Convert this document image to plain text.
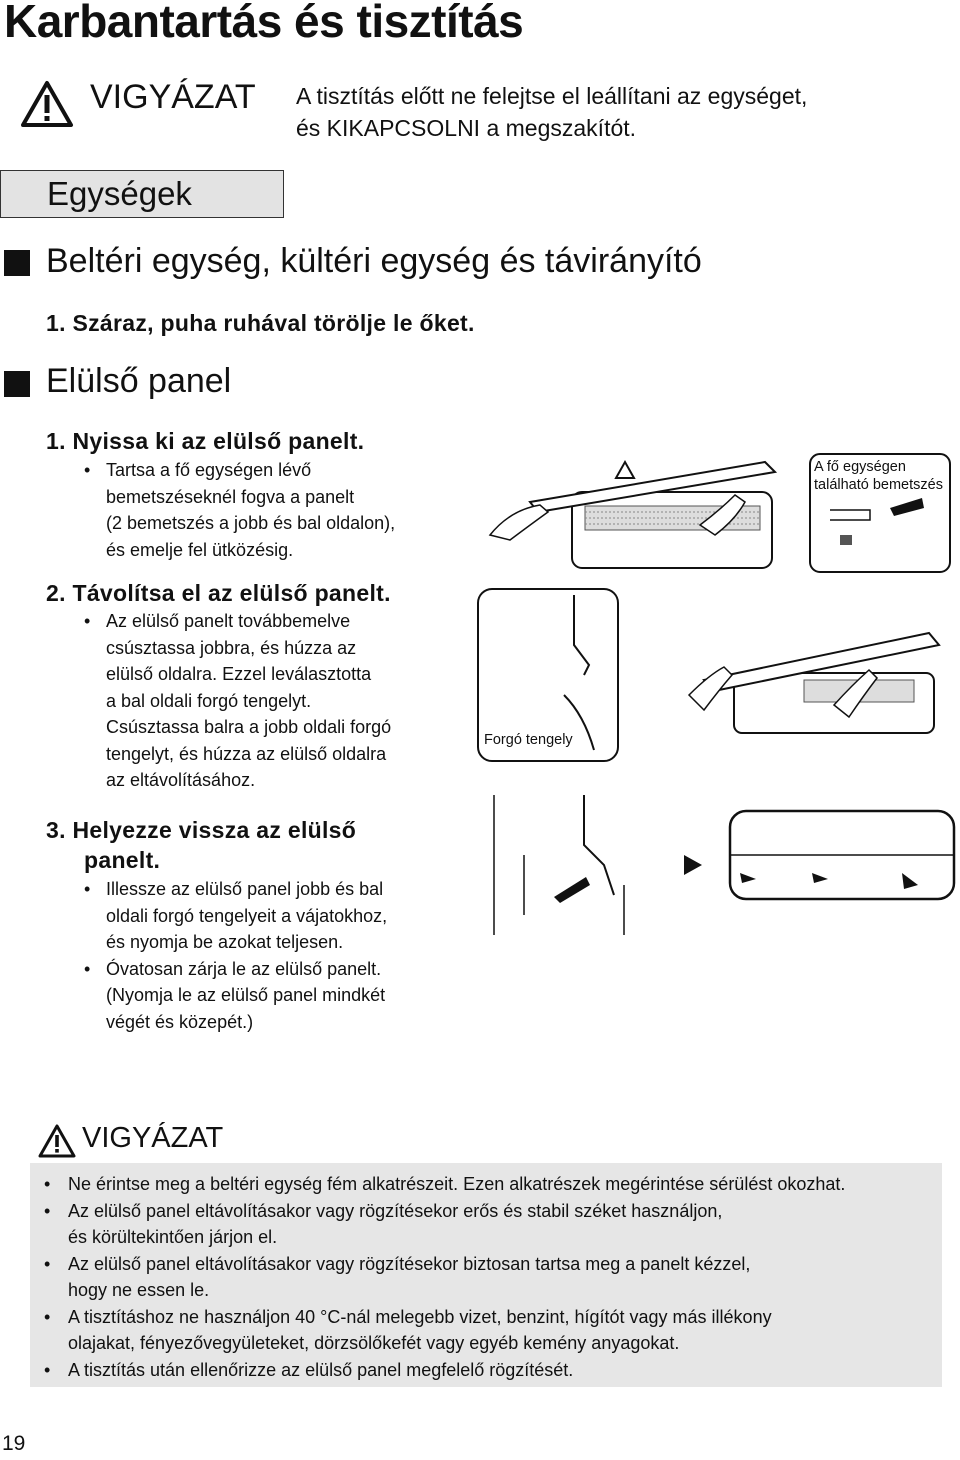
Karbantartás és tisztítás
VIGYÁZAT A tisztítás előtt ne felejtse el leállítani az egységet,
és KIKAPCSOLNI a megszakítót.
Egységek
Beltéri egység, kültéri egység és távirányító
1. Száraz, puha ruhával törölje le őket.
Elülső panel
1. Nyissa ki az elülső panelt.
• Tartsa a fő egységen lévő
bemetszéseknél fogva a panelt
(2 bemetszés a jobb és bal oldalon),
és emelje fel ütközésig.
2. Távolítsa el az elülső panelt.
• Az elülső panelt továbbemelve
csúsztassa jobbra, és húzza az
elülső oldalra. Ezzel leválasztotta
a bal oldali forgó tengelyt.
Csúsztassa balra a jobb oldali forgó
tengelyt, és húzza az elülső oldalra
az eltávolításához.
3. Helyezze vissza az elülső
panelt.
• Illessze az elülső panel jobb és bal
oldali forgó tengelyeit a vájatokhoz,
és nyomja be azokat teljesen.
• Óvatosan zárja le az elülső panelt.
(Nyomja le az elülső panel mindkét
végét és közepét.)
A fő egységen
található bemetszés
Forgó tengely
VIGYÁZAT
• Ne érintse meg a beltéri egység fém alkatrészeit. Ezen alkatrészek megérintése sérülést okozhat.
• Az elülső panel eltávolításakor vagy rögzítésekor erős és stabil széket használjon,
és körültekintően járjon el.
• Az elülső panel eltávolításakor vagy rögzítésekor biztosan tartsa meg a panelt kézzel,
hogy ne essen le.
• A tisztításhoz ne használjon 40 °C-nál melegebb vizet, benzint, hígítót vagy más illékony
olajakat, fényezővegyületeket, dörzsölőkefét vagy egyéb kemény anyagokat.
• A tisztítás után ellenőrizze az elülső panel megfelelő rögzítését.
19
